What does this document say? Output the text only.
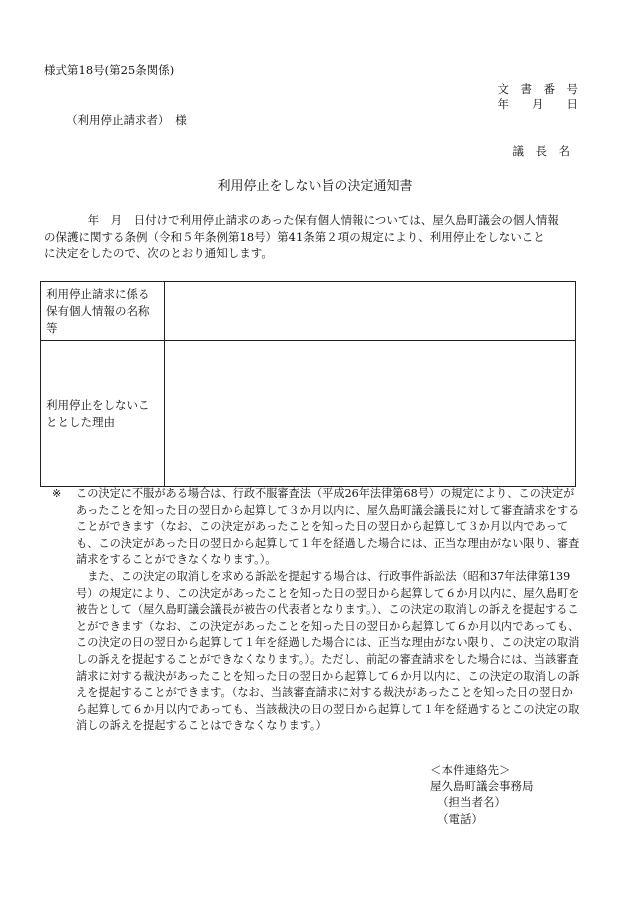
様式第18号(第25条関係)
文　書　番　号
年　　月　　日
（利用停止請求者）　様
議　長　名
利用停止をしない旨の決定通知書

　　年　月　日付けで利用停止請求のあった保有個人情報については、屋久島町議会の個人情報

の保護に関する条例（令和５年条例第18号）第41条第２項の規定により、利用停止をしないこと

に決定をしたので、次のとおり通知します。

利用停止請求に係る保有個人情報の名称等	
利用停止をしないこととした理由	

※ この決定に不服がある場合は、行政不服審査法（平成26年法律第68号）の規定により、この決定があったことを知った日の翌日から起算して３か月以内に、屋久島町議会議長に対して審査請求をすることができます（なお、この決定があったことを知った日の翌日から起算して３か月以内であっても、この決定があった日の翌日から起算して１年を経過した場合には、正当な理由がない限り、審査請求をすることができなくなります。）。

また、この決定の取消しを求める訴訟を提起する場合は、行政事件訴訟法（昭和37年法律第139号）の規定により、この決定があったことを知った日の翌日から起算して６か月以内に、屋久島町を被告として（屋久島町議会議長が被告の代表者となります。）、この決定の取消しの訴えを提起することができます（なお、この決定があったことを知った日の翌日から起算して６か月以内であっても、この決定の日の翌日から起算して１年を経過した場合には、正当な理由がない限り、この決定の取消しの訴えを提起することができなくなります。）。ただし、前記の審査請求をした場合には、当該審査請求に対する裁決があったことを知った日の翌日から起算して６か月以内に、この決定の取消しの訴えを提起することができます。（なお、当該審査請求に対する裁決があったことを知った日の翌日から起算して６か月以内であっても、当該裁決の日の翌日から起算して１年を経過するとこの決定の取消しの訴えを提起することはできなくなります。）

＜本件連絡先＞
屋久島町議会事務局
（担当者名）
（電話）
